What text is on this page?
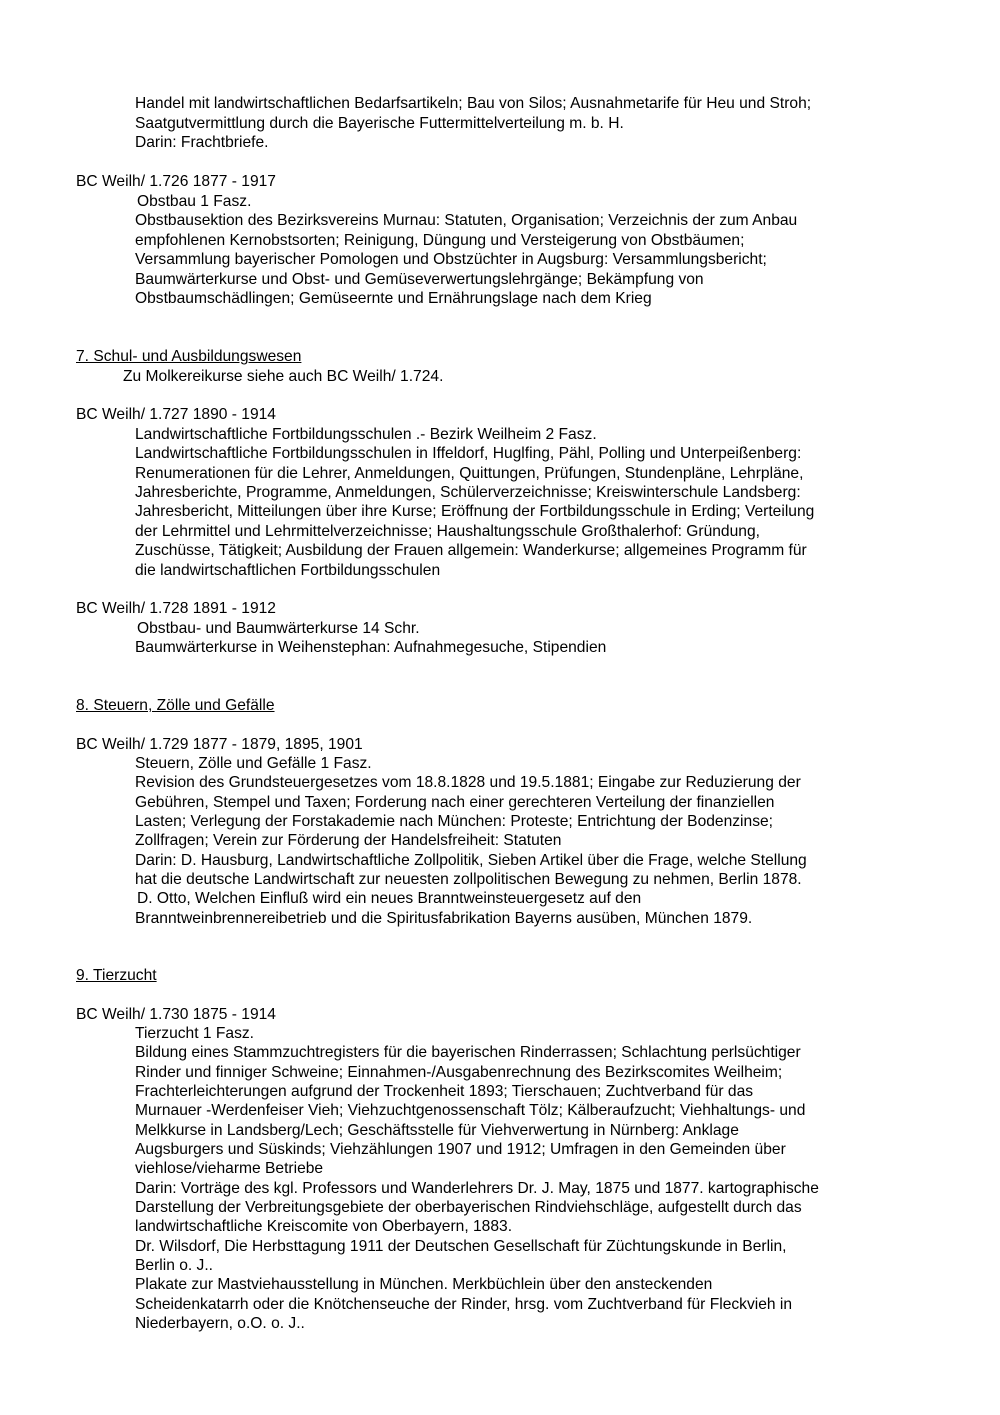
Handel mit landwirtschaftlichen Bedarfsartikeln; Bau von Silos; Ausnahmetarife für Heu und Stroh;

Saatgutvermittlung durch die Bayerische Futtermittelverteilung m. b. H.

Darin: Frachtbriefe.

BC Weilh/ 1.726 1877 - 1917

Obstbau 1 Fasz.

Obstbausektion des Bezirksvereins Murnau: Statuten, Organisation; Verzeichnis der zum Anbau

empfohlenen Kernobstsorten; Reinigung, Düngung und Versteigerung von Obstbäumen;

Versammlung bayerischer Pomologen und Obstzüchter in Augsburg: Versammlungsbericht;

Baumwärterkurse und Obst- und Gemüseverwertungslehrgänge; Bekämpfung von

Obstbaumschädlingen; Gemüseernte und Ernährungslage nach dem Krieg

7. Schul- und Ausbildungswesen

Zu Molkereikurse siehe auch BC Weilh/ 1.724.

BC Weilh/ 1.727 1890 - 1914

Landwirtschaftliche Fortbildungsschulen .- Bezirk Weilheim 2 Fasz.

Landwirtschaftliche Fortbildungsschulen in Iffeldorf, Huglfing, Pähl, Polling und Unterpeißenberg:

Renumerationen für die Lehrer, Anmeldungen, Quittungen, Prüfungen, Stundenpläne, Lehrpläne,

Jahresberichte, Programme, Anmeldungen, Schülerverzeichnisse; Kreiswinterschule Landsberg:

Jahresbericht, Mitteilungen über ihre Kurse; Eröffnung der Fortbildungsschule in Erding; Verteilung

der Lehrmittel und Lehrmittelverzeichnisse; Haushaltungsschule Großthalerhof: Gründung,

Zuschüsse, Tätigkeit; Ausbildung der Frauen allgemein: Wanderkurse; allgemeines Programm für

die landwirtschaftlichen Fortbildungsschulen

BC Weilh/ 1.728 1891 - 1912

Obstbau- und Baumwärterkurse 14 Schr.

Baumwärterkurse in Weihenstephan: Aufnahmegesuche, Stipendien

8. Steuern, Zölle und Gefälle

BC Weilh/ 1.729 1877 - 1879, 1895, 1901

Steuern, Zölle und Gefälle 1 Fasz.

Revision des Grundsteuergesetzes vom 18.8.1828 und 19.5.1881; Eingabe zur Reduzierung der

Gebühren, Stempel und Taxen; Forderung nach einer gerechteren Verteilung der finanziellen

Lasten; Verlegung der Forstakademie nach München: Proteste; Entrichtung der Bodenzinse;

Zollfragen; Verein zur Förderung der Handelsfreiheit: Statuten

Darin: D. Hausburg, Landwirtschaftliche Zollpolitik, Sieben Artikel über die Frage, welche Stellung

hat die deutsche Landwirtschaft zur neuesten zollpolitischen Bewegung zu nehmen, Berlin 1878.

D. Otto, Welchen Einfluß wird ein neues Branntweinsteuergesetz auf den

Branntweinbrennereibetrieb und die Spiritusfabrikation Bayerns ausüben, München 1879.

9. Tierzucht

BC Weilh/ 1.730 1875 - 1914

Tierzucht 1 Fasz.

Bildung eines Stammzuchtregisters für die bayerischen Rinderrassen; Schlachtung perlsüchtiger

Rinder und finniger Schweine; Einnahmen-/Ausgabenrechnung des Bezirkscomites Weilheim;

Frachterleichterungen aufgrund der Trockenheit 1893; Tierschauen; Zuchtverband für das

Murnauer -Werdenfeiser Vieh; Viehzuchtgenossenschaft Tölz; Kälberaufzucht; Viehhaltungs- und

Melkkurse in Landsberg/Lech; Geschäftsstelle für Viehverwertung in Nürnberg: Anklage

Augsburgers und Süskinds; Viehzählungen 1907 und 1912; Umfragen in den Gemeinden über

viehlose/vieharme Betriebe

Darin: Vorträge des kgl. Professors und Wanderlehrers Dr. J. May, 1875 und 1877. kartographische

Darstellung der Verbreitungsgebiete der oberbayerischen Rindviehschläge, aufgestellt durch das

landwirtschaftliche Kreiscomite von Oberbayern, 1883.

Dr. Wilsdorf, Die Herbsttagung 1911 der Deutschen Gesellschaft für Züchtungskunde in Berlin,

Berlin o. J..

Plakate zur Mastviehausstellung in München. Merkbüchlein über den ansteckenden

Scheidenkatarrh oder die Knötchenseuche der Rinder, hrsg. vom Zuchtverband für Fleckvieh in

Niederbayern, o.O. o. J..
